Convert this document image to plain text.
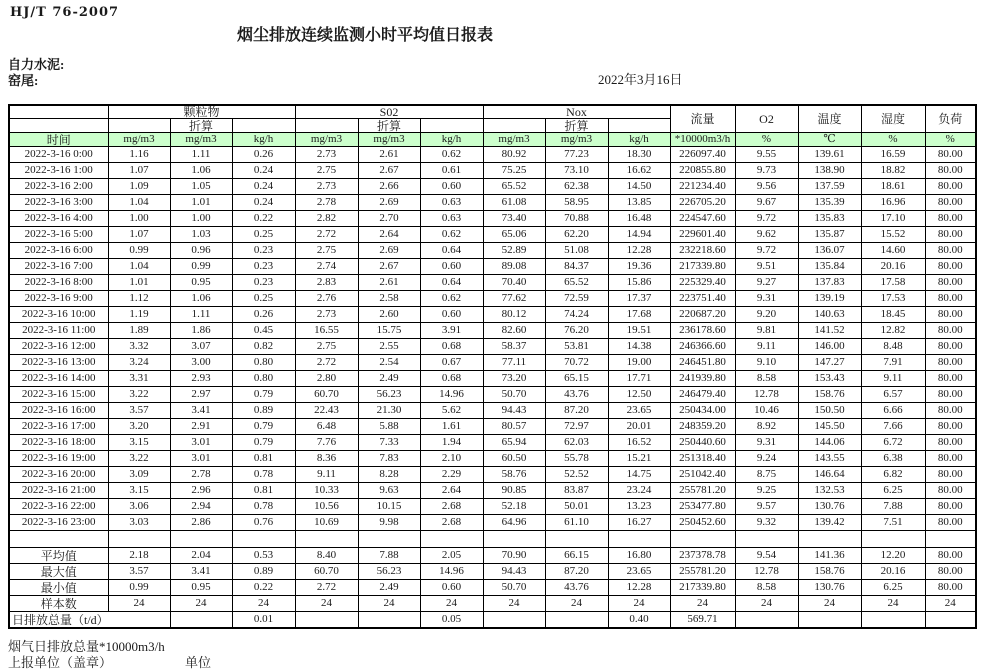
HJ/T 76-2007
烟尘排放连续监测小时平均值日报表
自力水泥:
窑尾:	2022年3月16日
	颗粒物			S02			Nox			流量	O2	温度	湿度	负荷
		折算			折算			折算						
时间	mg/m3	mg/m3	kg/h	mg/m3	mg/m3	kg/h	mg/m3	mg/m3	kg/h	*10000m3/h	%	℃	%	%
2022-3-16 0:00	1.16	1.11	0.26	2.73	2.61	0.62	80.92	77.23	18.30	226097.40	9.55	139.61	16.59	80.00
2022-3-16 1:00	1.07	1.06	0.24	2.75	2.67	0.61	75.25	73.10	16.62	220855.80	9.73	138.90	18.82	80.00
2022-3-16 2:00	1.09	1.05	0.24	2.73	2.66	0.60	65.52	62.38	14.50	221234.40	9.56	137.59	18.61	80.00
2022-3-16 3:00	1.04	1.01	0.24	2.78	2.69	0.63	61.08	58.95	13.85	226705.20	9.67	135.39	16.96	80.00
2022-3-16 4:00	1.00	1.00	0.22	2.82	2.70	0.63	73.40	70.88	16.48	224547.60	9.72	135.83	17.10	80.00
2022-3-16 5:00	1.07	1.03	0.25	2.72	2.64	0.62	65.06	62.20	14.94	229601.40	9.62	135.87	15.52	80.00
2022-3-16 6:00	0.99	0.96	0.23	2.75	2.69	0.64	52.89	51.08	12.28	232218.60	9.72	136.07	14.60	80.00
2022-3-16 7:00	1.04	0.99	0.23	2.74	2.67	0.60	89.08	84.37	19.36	217339.80	9.51	135.84	20.16	80.00
2022-3-16 8:00	1.01	0.95	0.23	2.83	2.61	0.64	70.40	65.52	15.86	225329.40	9.27	137.83	17.58	80.00
2022-3-16 9:00	1.12	1.06	0.25	2.76	2.58	0.62	77.62	72.59	17.37	223751.40	9.31	139.19	17.53	80.00
2022-3-16 10:00	1.19	1.11	0.26	2.73	2.60	0.60	80.12	74.24	17.68	220687.20	9.20	140.63	18.45	80.00
2022-3-16 11:00	1.89	1.86	0.45	16.55	15.75	3.91	82.60	76.20	19.51	236178.60	9.81	141.52	12.82	80.00
2022-3-16 12:00	3.32	3.07	0.82	2.75	2.55	0.68	58.37	53.81	14.38	246366.60	9.11	146.00	8.48	80.00
2022-3-16 13:00	3.24	3.00	0.80	2.72	2.54	0.67	77.11	70.72	19.00	246451.80	9.10	147.27	7.91	80.00
2022-3-16 14:00	3.31	2.93	0.80	2.80	2.49	0.68	73.20	65.15	17.71	241939.80	8.58	153.43	9.11	80.00
2022-3-16 15:00	3.22	2.97	0.79	60.70	56.23	14.96	50.70	43.76	12.50	246479.40	12.78	158.76	6.57	80.00
2022-3-16 16:00	3.57	3.41	0.89	22.43	21.30	5.62	94.43	87.20	23.65	250434.00	10.46	150.50	6.66	80.00
2022-3-16 17:00	3.20	2.91	0.79	6.48	5.88	1.61	80.57	72.97	20.01	248359.20	8.92	145.50	7.66	80.00
2022-3-16 18:00	3.15	3.01	0.79	7.76	7.33	1.94	65.94	62.03	16.52	250440.60	9.31	144.06	6.72	80.00
2022-3-16 19:00	3.22	3.01	0.81	8.36	7.83	2.10	60.50	55.78	15.21	251318.40	9.24	143.55	6.38	80.00
2022-3-16 20:00	3.09	2.78	0.78	9.11	8.28	2.29	58.76	52.52	14.75	251042.40	8.75	146.64	6.82	80.00
2022-3-16 21:00	3.15	2.96	0.81	10.33	9.63	2.64	90.85	83.87	23.24	255781.20	9.25	132.53	6.25	80.00
2022-3-16 22:00	3.06	2.94	0.78	10.56	10.15	2.68	52.18	50.01	13.23	253477.80	9.57	130.76	7.88	80.00
2022-3-16 23:00	3.03	2.86	0.76	10.69	9.98	2.68	64.96	61.10	16.27	250452.60	9.32	139.42	7.51	80.00

平均值	2.18	2.04	0.53	8.40	7.88	2.05	70.90	66.15	16.80	237378.78	9.54	141.36	12.20	80.00
最大值	3.57	3.41	0.89	60.70	56.23	14.96	94.43	87.20	23.65	255781.20	12.78	158.76	20.16	80.00
最小值	0.99	0.95	0.22	2.72	2.49	0.60	50.70	43.76	12.28	217339.80	8.58	130.76	6.25	80.00
样本数	24	24	24	24	24	24	24	24	24	24	24	24	24	24
日排放总量（t/d）			0.01			0.05			0.40	569.71				
烟气日排放总量*10000m3/h
上报单位（盖章）	单位
